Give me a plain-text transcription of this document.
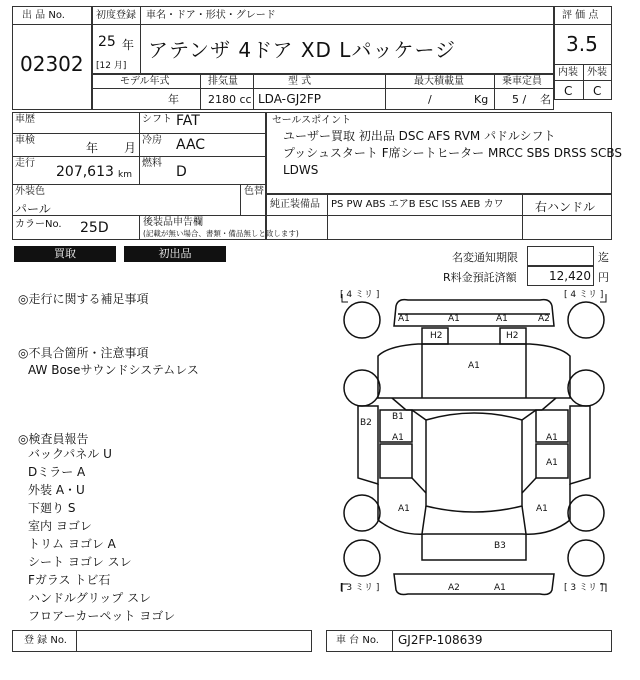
出 品 No.
02302
初度登録 車名・ドア・形状・グレード
25 年
[12 月]
アテンザ 4ドア XD Lパッケージ
評 価 点
3.5
内装 外装
C C
モデル年式	排気量	型 式	最大積載量	乗車定員
年	2180 cc LDA-GJ2FP	/	Kg 5 / 名
車歴	シフト FAT
車検
年 月
冷房 AAC
走行
207,613 km
燃料
D
外装色
パール
色替
カラーNo. 25D	後装品申告欄
(記載が無い場合、書類・備品無しと致します)
セールスポイント
ユーザー買取 初出品 DSC AFS RVM パドルシフト
プッシュスタート F席シートヒーター MRCC SBS DRSS SCBS
LDWS
純正装備品 PS PW ABS エアB ESC ISS AEB カワ	右ハンドル
買取	初出品	名変通知期限	迄
R料金預託済額	12,420 円
◎走行に関する補足事項
◎不具合箇所・注意事項
AW Boseサウンドシステムレス
◎検査員報告
バックパネル U
Dミラー A
外装 A・U
下廻り S
室内 ヨゴレ
トリム ヨゴレ A
シート ヨゴレ スレ
Fガラス トビ石
ハンドルグリップ スレ
フロアーカーペット ヨゴレ
[ 4 ミリ ]	[ 4 ミリ ]
[ 3 ミリ ]	[ 3 ミリ ]
A1	A1	A1	A2
H2	H2
A1
B2
B1
A1	A1
A1
A1	A1
B3
A2	A1
登 録 No.	車 台 No. GJ2FP-108639
